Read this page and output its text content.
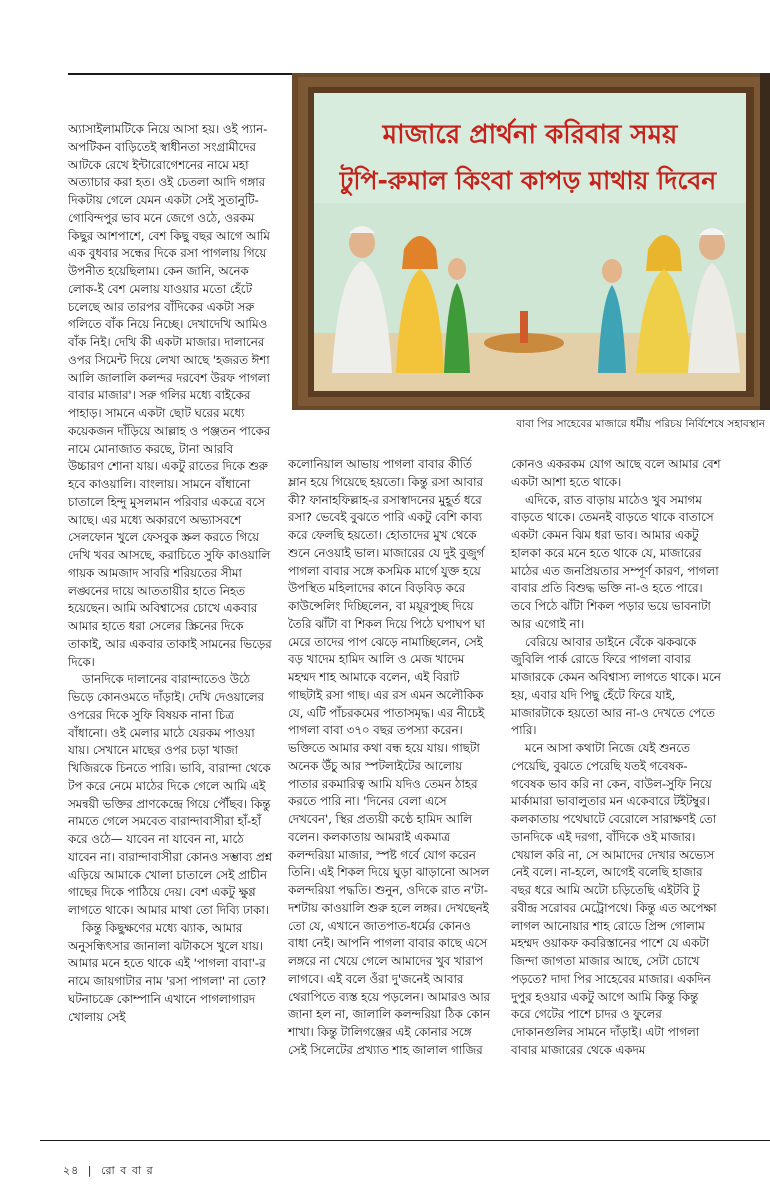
মাজারে প্রার্থনা করিবার সময়
টুপি-রুমাল কিংবা কাপড় মাথায় দিবেন
বাবা পির সাহেবের মাজারে ধর্মীয় পরিচয় নির্বিশেষে সহাবস্থান

অ্যাসাইলামটিকে নিয়ে আসা হয়। ওই প্যান-অপটিকন বাড়িতেই স্বাধীনতা সংগ্রামীদের আটকে রেখে ইন্টারোগেশনের নামে মহা অত্যাচার করা হত। ওই চেতলা আদি গঙ্গার দিকটায় গেলে যেমন একটা সেই সুতানুটি-গোবিন্দপুর ভাব মনে জেগে ওঠে, ওরকম কিছুর আশপাশে, বেশ কিছু বছর আগে আমি এক বুধবার সন্ধের দিকে রসা পাগলায় গিয়ে উপনীত হয়েছিলাম। কেন জানি, অনেক লোক-ই বেশ মেলায় যাওয়ার মতো হেঁটে চলেছে আর তারপর বাঁদিকের একটা সরু গলিতে বাঁক নিয়ে নিচ্ছে। দেখাদেখি আমিও বাঁক নিই। দেখি কী একটা মাজার। দালানের ওপর সিমেন্ট দিয়ে লেখা আছে 'হজরত ঈশা আলি জালালি কলন্দর দরবেশ উরফ পাগলা বাবার মাজার'। সরু গলির মধ্যে বাইকের পাহাড়। সামনে একটা ছোট ঘরের মধ্যে কয়েকজন দাঁড়িয়ে আল্লাহ ও পঞ্জতন পাকের নামে মোনাজাত করছে, টানা আরবি উচ্চারণ শোনা যায়। একটু রাতের দিকে শুরু হবে কাওয়ালি। বাংলায়। সামনে বাঁধানো চাতালে হিন্দু মুসলমান পরিবার একত্রে বসে আছে। এর মধ্যে অকারণে অভ্যাসবশে সেলফোন খুলে ফেসবুক স্ক্রল করতে গিয়ে দেখি খবর আসছে, করাচিতে সুফি কাওয়ালি গায়ক আমজাদ সাবরি শরিয়তের সীমা লঙ্ঘনের দায়ে আততায়ীর হাতে নিহত হয়েছেন। আমি অবিশ্বাসের চোখে একবার আমার হাতে ধরা সেলের স্ক্রিনের দিকে তাকাই, আর একবার তাকাই সামনের ভিড়ের দিকে।

ডানদিকে দালানের বারান্দাতেও উঠে ভিড়ে কোনওমতে দাঁড়াই। দেখি দেওয়ালের ওপরের দিকে সুফি বিষয়ক নানা চিত্র বাঁধানো। ওই মেলার মাঠে যেরকম পাওয়া যায়। সেখানে মাছের ওপর চড়া খাজা খিজিরকে চিনতে পারি। ভাবি, বারান্দা থেকে টপ করে নেমে মাঠের দিকে গেলে আমি এই সমন্বয়ী ভক্তির প্রাণকেন্দ্রে গিয়ে পৌঁছব। কিন্তু নামতে গেলে সমবেত বারান্দাবাসীরা হাঁ-হাঁ করে ওঠে— যাবেন না যাবেন না, মাঠে যাবেন না। বারান্দাবাসীরা কোনও সম্ভাব্য প্রশ্ন এড়িয়ে আমাকে খোলা চাতালে সেই প্রাচীন গাছের দিকে পাঠিয়ে দেয়। বেশ একটু ক্ষুণ্ণ লাগতে থাকে। আমার মাথা তো দিব্যি ঢাকা।

কিন্তু কিছুক্ষণের মধ্যে ঝ্যাক, আমার অনুসন্ধিৎসার জানালা ঝটাকসে খুলে যায়। আমার মনে হতে থাকে এই 'পাগলা বাবা'-র নামে জায়গাটার নাম 'রসা পাগলা' না তো? ঘটনাচক্রে কোম্পানি এখানে পাগলাগারদ খোলায় সেই

কলোনিয়াল আভায় পাগলা বাবার কীর্তি ম্লান হয়ে গিয়েছে হয়তো। কিন্তু রসা আবার কী? ফানাহফিল্লাহ-র রসাস্বাদনের মুহূর্ত ধরে রসা? ভেবেই বুঝতে পারি একটু বেশি কাব্য করে ফেলছি হয়তো। হোতাদের মুখ থেকে শুনে নেওয়াই ভাল। মাজারের যে দুই বুজুর্গ পাগলা বাবার সঙ্গে কসমিক মার্গে যুক্ত হয়ে উপস্থিত মহিলাদের কানে বিড়বিড় করে কাউন্সেলিং দিচ্ছিলেন, বা ময়ূরপুচ্ছ দিয়ে তৈরি ঝাঁটা বা শিকল দিয়ে পিঠে ঘপাঘপ ঘা মেরে তাদের পাপ ঝেড়ে নামাচ্ছিলেন, সেই বড় খাদেম হামিদ আলি ও মেজ খাদেম মহম্মদ শাহ আমাকে বলেন, এই বিরাট গাছটাই রসা গাছ। এর রস এমন অলৌকিক যে, এটি পাঁচরকমের পাতাসমৃদ্ধ। এর নীচেই পাগলা বাবা ৩৭০ বছর তপস্যা করেন। ভক্তিতে আমার কথা বন্ধ হয়ে যায়। গাছটা অনেক উঁচু আর স্পটলাইটের আলোয় পাতার রকমারিত্ব আমি যদিও তেমন ঠাহর করতে পারি না। 'দিনের বেলা এসে দেখবেন', স্থির প্রত্যয়ী কণ্ঠে হামিদ আলি বলেন। কলকাতায় আমরাই একমাত্র কলন্দরিয়া মাজার, স্পষ্ট গর্বে যোগ করেন তিনি। এই শিকল দিয়ে ঘুড়া ঝাড়ানো আসল কলন্দরিয়া পদ্ধতি। শুনুন, ওদিকে রাত ন'টা-দশটায় কাওয়ালি শুরু হলে লঙ্গর। দেখছেনই তো যে, এখানে জাতপাত-ধর্মের কোনও বাধা নেই। আপনি পাগলা বাবার কাছে এসে লঙ্গরে না খেয়ে গেলে আমাদের খুব খারাপ লাগবে। এই বলে ওঁরা দু'জনেই আবার থেরাপিতে ব্যস্ত হয়ে পড়লেন। আমারও আর জানা হল না, জালালি কলন্দরিয়া ঠিক কোন শাখা। কিন্তু টালিগঞ্জের এই কোনার সঙ্গে সেই সিলেটের প্রখ্যাত শাহ জালাল গাজির

কোনও একরকম যোগ আছে বলে আমার বেশ একটা আশা হতে থাকে।

এদিকে, রাত বাড়ায় মাঠেও খুব সমাগম বাড়তে থাকে। তেমনই বাড়তে থাকে বাতাসে একটা কেমন ঝিম ধরা ভাব। আমার একটু হালকা করে মনে হতে থাকে যে, মাজারের মাঠের এত জনপ্রিয়তার সম্পূর্ণ কারণ, পাগলা বাবার প্রতি বিশুদ্ধ ভক্তি না-ও হতে পারে। তবে পিঠে ঝাঁটা শিকল পড়ার ভয়ে ভাবনাটা আর এগোই না।

বেরিয়ে আবার ডাইনে বেঁকে ঝকঝকে জুবিলি পার্ক রোডে ফিরে পাগলা বাবার মাজারকে কেমন অবিশ্বাস্য লাগতে থাকে। মনে হয়, এবার যদি পিছু হেঁটে ফিরে যাই, মাজারটাকে হয়তো আর না-ও দেখতে পেতে পারি।

মনে আসা কথাটা নিজে যেই শুনতে পেয়েছি, বুঝতে পেরেছি যতই গবেষক-গবেষক ভাব করি না কেন, বাউল-সুফি নিয়ে মার্কামারা ভাবালুতার মন একেবারে টইটম্বুর। কলকাতায় পথেঘাটে বেরোলে সারাক্ষণই তো ডানদিকে এই দরগা, বাঁদিকে ওই মাজার। খেয়াল করি না, সে আমাদের দেখার অভ্যেস নেই বলে। না-হলে, আগেই বলেছি হাজার বছর ধরে আমি অটো চড়িতেছি এইটবি টু রবীন্দ্র সরোবর মেট্রোপথে। কিন্তু এত অপেক্ষা লাগল আনোয়ার শাহ রোডে প্রিন্স গোলাম মহম্মদ ওয়াকফ কবরিস্তানের পাশে যে একটা জিন্দা জাগতা মাজার আছে, সেটা চোখে পড়তে? দাদা পির সাহেবের মাজার। একদিন দুপুর হওয়ার একটু আগে আমি কিন্তু কিন্তু করে গেটের পাশে চাদর ও ফুলের দোকানগুলির সামনে দাঁড়াই। এটা পাগলা বাবার মাজারের থেকে একদম

২৪ | রো ব বা র
